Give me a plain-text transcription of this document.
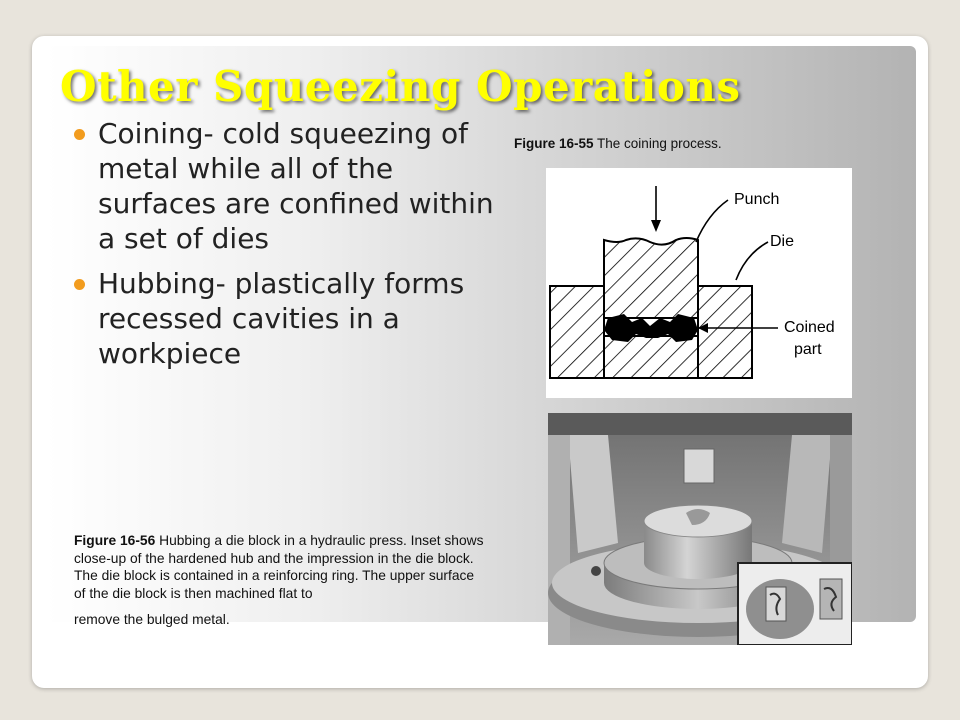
Other Squeezing Operations
Coining- cold squeezing of metal while all of the surfaces are confined within a set of dies
Hubbing- plastically forms recessed cavities in a workpiece
Figure 16-55 The coining process.
Punch
Die
Coined
part
Figure 16-56 Hubbing a die block in a hydraulic press. Inset shows close-up of the hardened hub and the impression in the die block. The die block is contained in a reinforcing ring. The upper surface of the die block is then machined flat to
remove the bulged metal.
